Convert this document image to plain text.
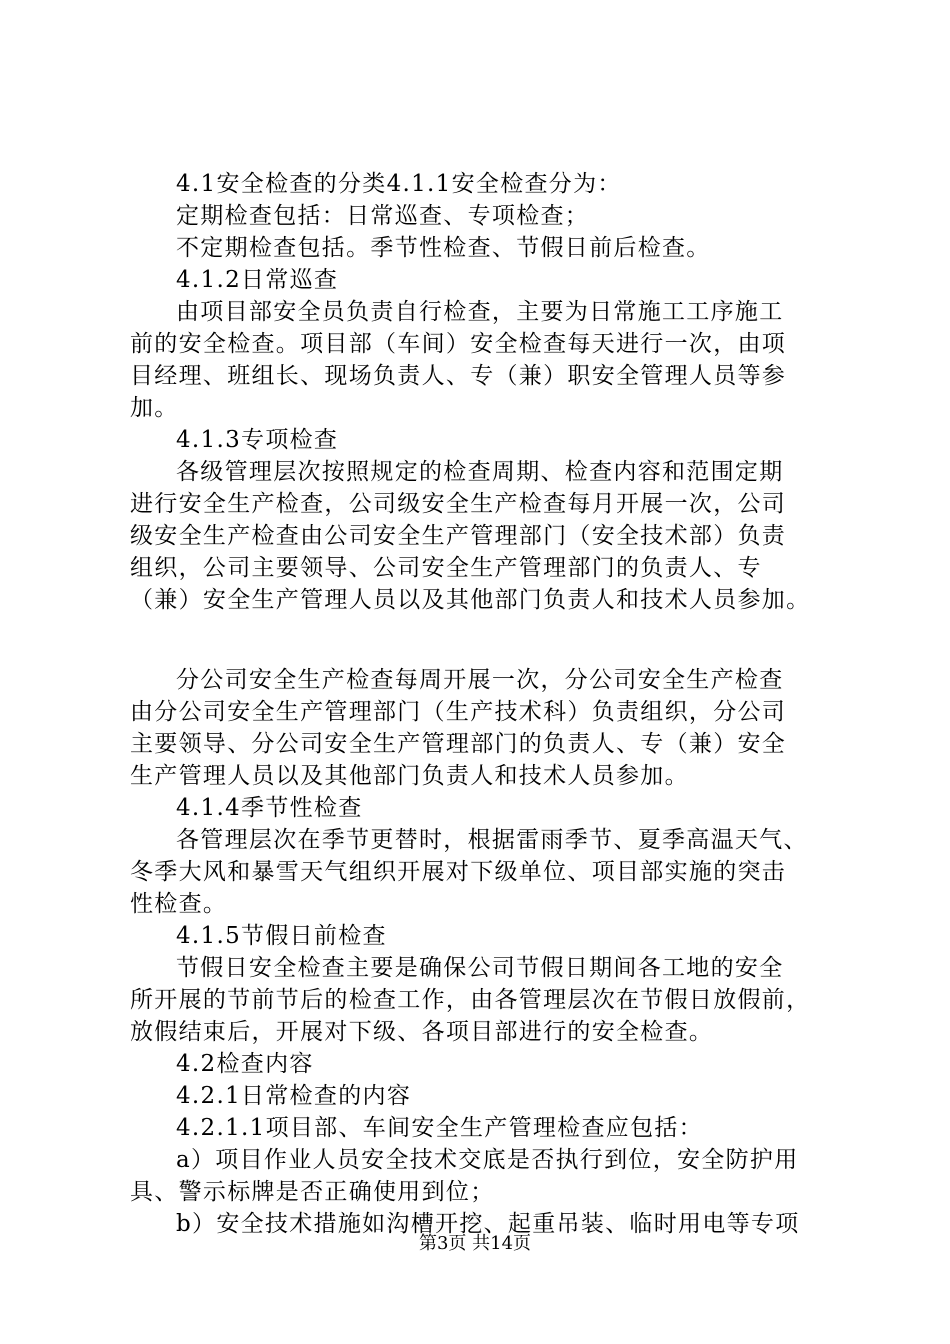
4.1安全检查的分类4.1.1安全检查分为：
定期检查包括：日常巡查、专项检查；
不定期检查包括。季节性检查、节假日前后检查。
4.1.2日常巡查
由项目部安全员负责自行检查，主要为日常施工工序施工
前的安全检查。项目部（车间）安全检查每天进行一次，由项
目经理、班组长、现场负责人、专（兼）职安全管理人员等参
加。
4.1.3专项检查
各级管理层次按照规定的检查周期、检查内容和范围定期
进行安全生产检查，公司级安全生产检查每月开展一次，公司
级安全生产检查由公司安全生产管理部门（安全技术部）负责
组织，公司主要领导、公司安全生产管理部门的负责人、专
（兼）安全生产管理人员以及其他部门负责人和技术人员参加。
分公司安全生产检查每周开展一次，分公司安全生产检查
由分公司安全生产管理部门（生产技术科）负责组织，分公司
主要领导、分公司安全生产管理部门的负责人、专（兼）安全
生产管理人员以及其他部门负责人和技术人员参加。
4.1.4季节性检查
各管理层次在季节更替时，根据雷雨季节、夏季高温天气、
冬季大风和暴雪天气组织开展对下级单位、项目部实施的突击
性检查。
4.1.5节假日前检查
节假日安全检查主要是确保公司节假日期间各工地的安全
所开展的节前节后的检查工作，由各管理层次在节假日放假前，
放假结束后，开展对下级、各项目部进行的安全检查。
4.2检查内容
4.2.1日常检查的内容
4.2.1.1项目部、车间安全生产管理检查应包括：
a）项目作业人员安全技术交底是否执行到位，安全防护用
具、警示标牌是否正确使用到位；
b）安全技术措施如沟槽开挖、起重吊装、临时用电等专项
第3页 共14页
